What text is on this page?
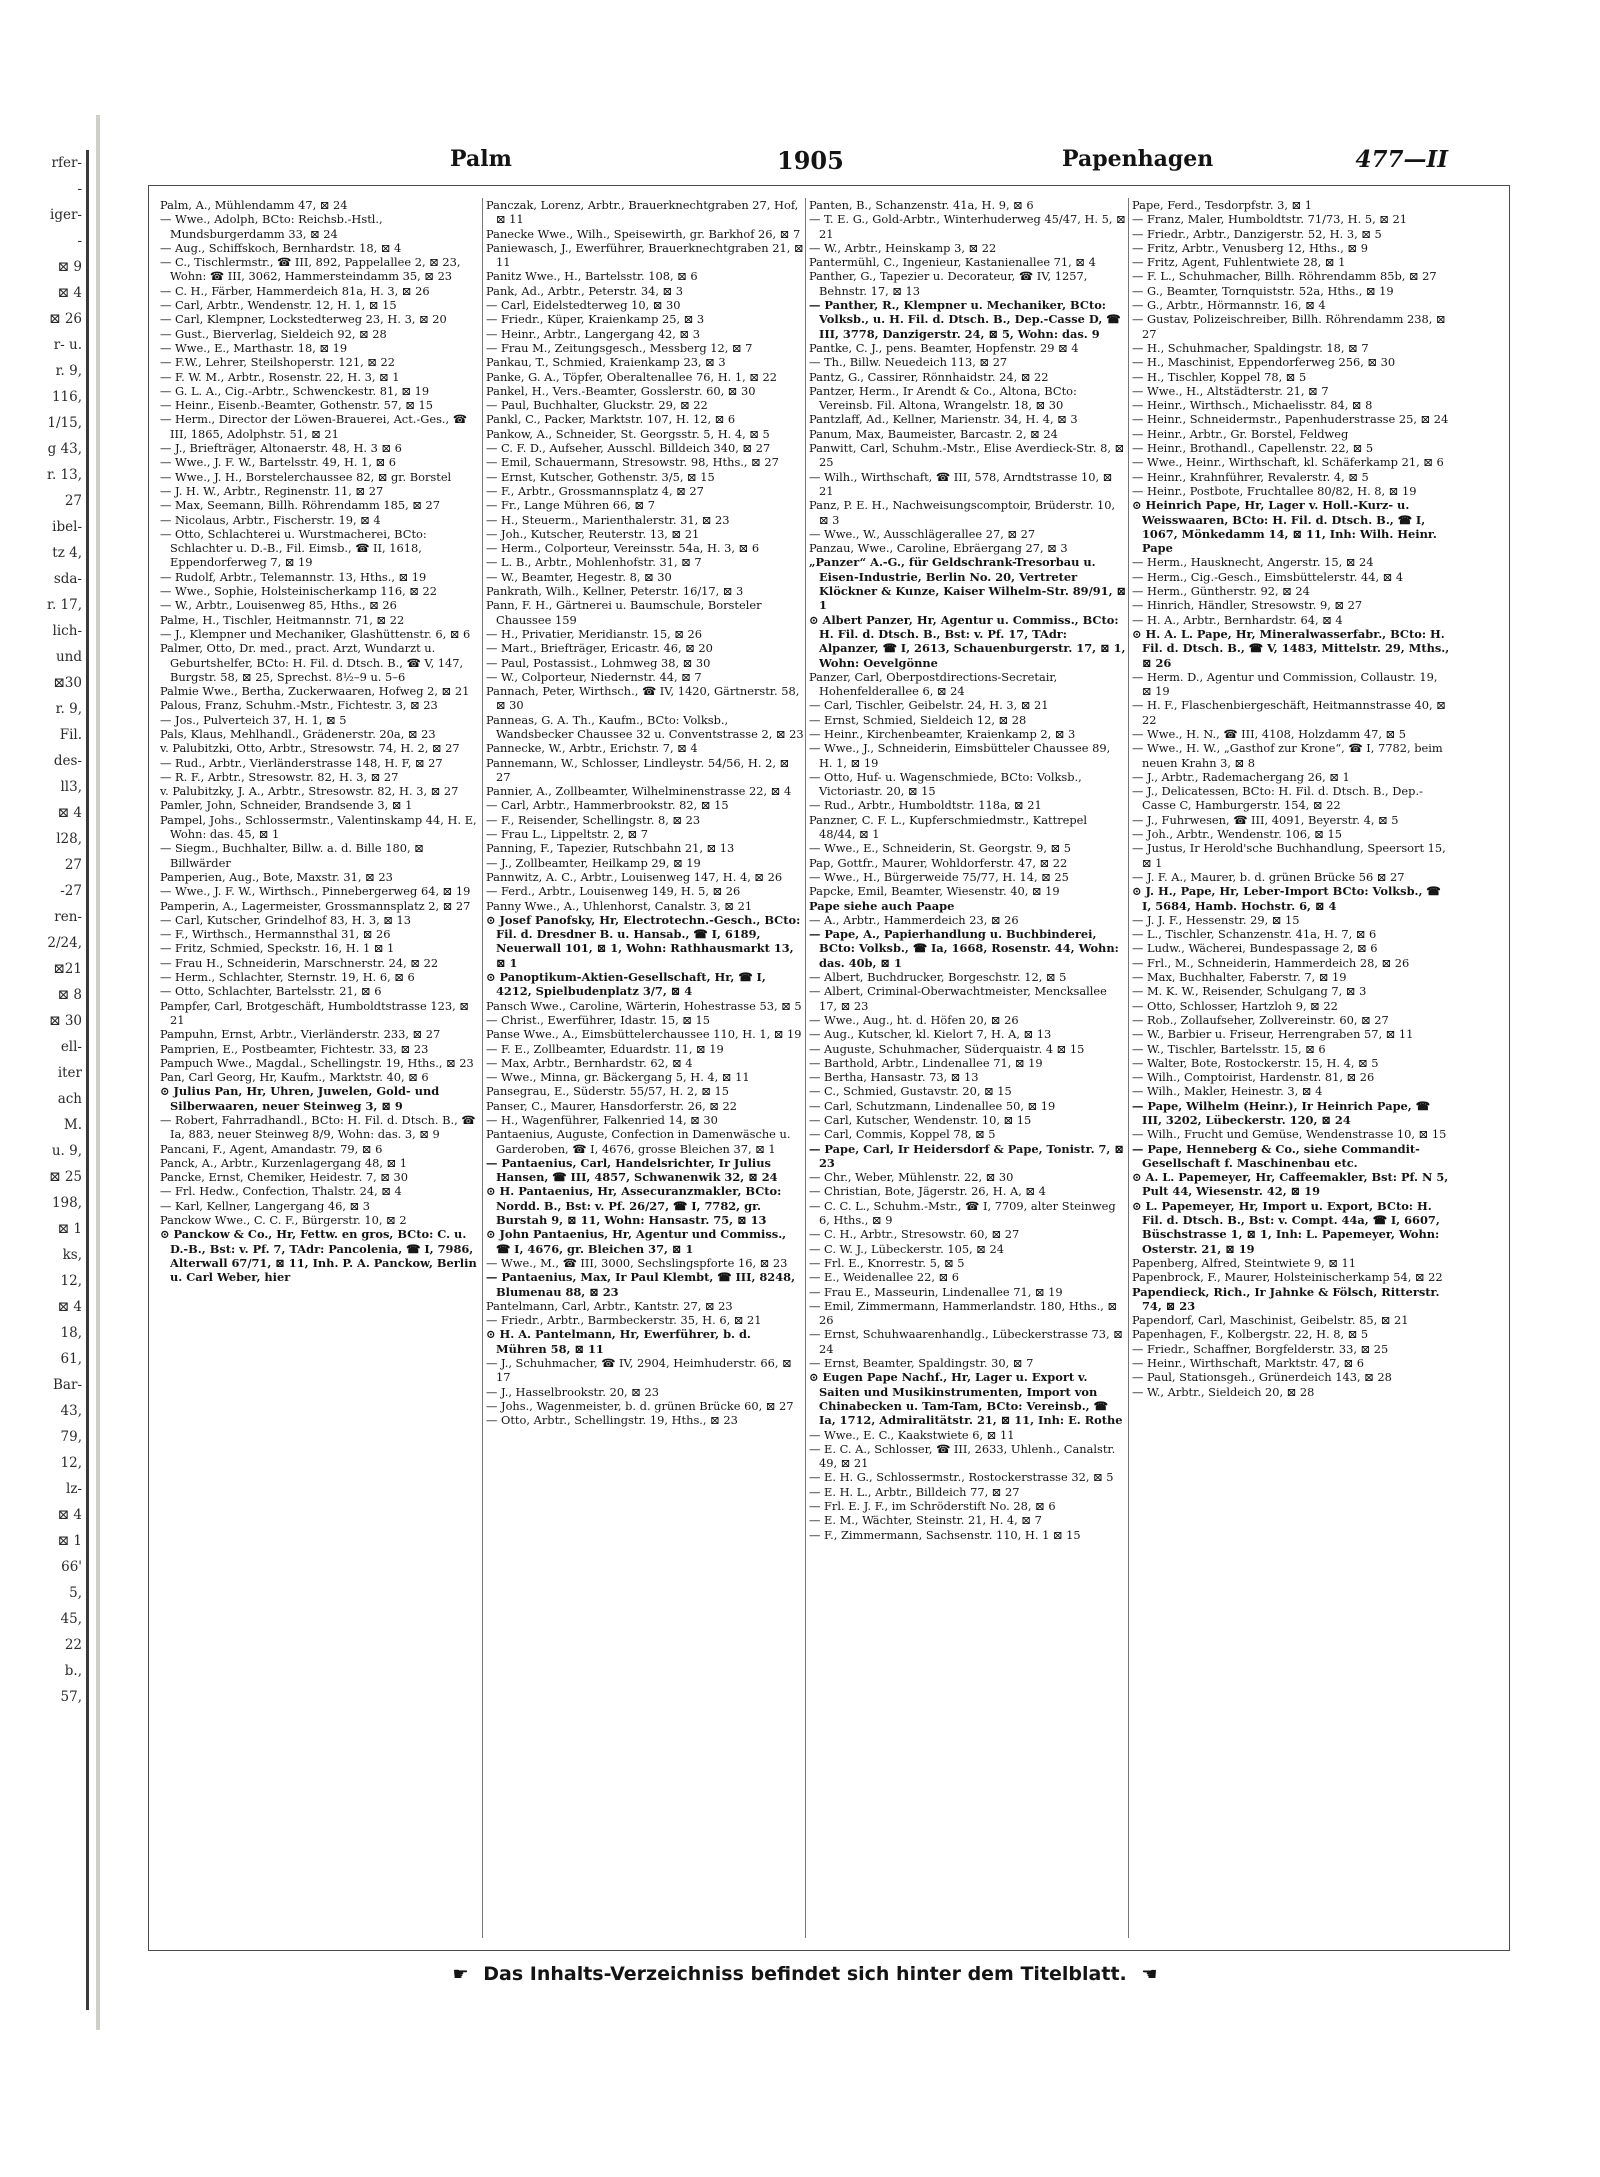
rfer-
-
iger-
-
⊠ 9
⊠ 4
⊠ 26
r- u.
r. 9,
116,
1/15,
g 43,
r. 13,
27
ibel-
tz 4,
sda-
r. 17,
lich-
und
⊠30
r. 9,
Fil.
des-
ll3,
⊠ 4
l28,
27
-27
ren-
2/24,
⊠21
⊠ 8
⊠ 30
ell-
iter
ach
M.
u. 9,
⊠ 25
198,
⊠ 1
ks,
12,
⊠ 4
18,
61,
Bar-
43,
79,
12,
lz-
⊠ 4
⊠ 1
66'
5,
45,
22
b.,
57,
Palm	1905	Papenhagen	477—II

Palm, A., Mühlendamm 47, ⊠ 24

— Wwe., Adolph, BCto: Reichsb.-Hstl., Mundsburgerdamm 33, ⊠ 24

— Aug., Schiffskoch, Bernhardstr. 18, ⊠ 4

— C., Tischlermstr., ☎ III, 892, Pappelallee 2, ⊠ 23, Wohn: ☎ III, 3062, Hammersteindamm 35, ⊠ 23

— C. H., Färber, Hammerdeich 81a, H. 3, ⊠ 26

— Carl, Arbtr., Wendenstr. 12, H. 1, ⊠ 15

— Carl, Klempner, Lockstedterweg 23, H. 3, ⊠ 20

— Gust., Bierverlag, Sieldeich 92, ⊠ 28

— Wwe., E., Marthastr. 18, ⊠ 19

— F.W., Lehrer, Steilshoperstr. 121, ⊠ 22

— F. W. M., Arbtr., Rosenstr. 22, H. 3, ⊠ 1

— G. L. A., Cig.-Arbtr., Schwenckestr. 81, ⊠ 19

— Heinr., Eisenb.-Beamter, Gothenstr. 57, ⊠ 15

— Herm., Director der Löwen-Brauerei, Act.-Ges., ☎ III, 1865, Adolphstr. 51, ⊠ 21

— J., Briefträger, Altonaerstr. 48, H. 3 ⊠ 6

— Wwe., J. F. W., Bartelsstr. 49, H. 1, ⊠ 6

— Wwe., J. H., Borstelerchaussee 82, ⊠ gr. Borstel

— J. H. W., Arbtr., Reginenstr. 11, ⊠ 27

— Max, Seemann, Billh. Röhrendamm 185, ⊠ 27

— Nicolaus, Arbtr., Fischerstr. 19, ⊠ 4

— Otto, Schlachterei u. Wurstmacherei, BCto: Schlachter u. D.-B., Fil. Eimsb., ☎ II, 1618, Eppendorferweg 7, ⊠ 19

— Rudolf, Arbtr., Telemannstr. 13, Hths., ⊠ 19

— Wwe., Sophie, Holsteinischerkamp 116, ⊠ 22

— W., Arbtr., Louisenweg 85, Hths., ⊠ 26

Palme, H., Tischler, Heitmannstr. 71, ⊠ 22

— J., Klempner und Mechaniker, Glashüttenstr. 6, ⊠ 6

Palmer, Otto, Dr. med., pract. Arzt, Wundarzt u. Geburtshelfer, BCto: H. Fil. d. Dtsch. B., ☎ V, 147, Burgstr. 58, ⊠ 25, Sprechst. 8½–9 u. 5–6

Palmie Wwe., Bertha, Zuckerwaaren, Hofweg 2, ⊠ 21

Palous, Franz, Schuhm.-Mstr., Fichtestr. 3, ⊠ 23

— Jos., Pulverteich 37, H. 1, ⊠ 5

Pals, Klaus, Mehlhandl., Grädenerstr. 20a, ⊠ 23

v. Palubitzki, Otto, Arbtr., Stresowstr. 74, H. 2, ⊠ 27

— Rud., Arbtr., Vierländerstrasse 148, H. F, ⊠ 27

— R. F., Arbtr., Stresowstr. 82, H. 3, ⊠ 27

v. Palubitzky, J. A., Arbtr., Stresowstr. 82, H. 3, ⊠ 27

Pamler, John, Schneider, Brandsende 3, ⊠ 1

Pampel, Johs., Schlossermstr., Valentinskamp 44, H. E, Wohn: das. 45, ⊠ 1

— Siegm., Buchhalter, Billw. a. d. Bille 180, ⊠ Billwärder

Pamperien, Aug., Bote, Maxstr. 31, ⊠ 23

— Wwe., J. F. W., Wirthsch., Pinnebergerweg 64, ⊠ 19

Pamperin, A., Lagermeister, Grossmannsplatz 2, ⊠ 27

— Carl, Kutscher, Grindelhof 83, H. 3, ⊠ 13

— F., Wirthsch., Hermannsthal 31, ⊠ 26

— Fritz, Schmied, Speckstr. 16, H. 1 ⊠ 1

— Frau H., Schneiderin, Marschnerstr. 24, ⊠ 22

— Herm., Schlachter, Sternstr. 19, H. 6, ⊠ 6

— Otto, Schlachter, Bartelsstr. 21, ⊠ 6

Pampfer, Carl, Brotgeschäft, Humboldtstrasse 123, ⊠ 21

Pampuhn, Ernst, Arbtr., Vierländerstr. 233, ⊠ 27

Pamprien, E., Postbeamter, Fichtestr. 33, ⊠ 23

Pampuch Wwe., Magdal., Schellingstr. 19, Hths., ⊠ 23

Pan, Carl Georg, Hr, Kaufm., Marktstr. 40, ⊠ 6

⊙ Julius Pan, Hr, Uhren, Juwelen, Gold- und Silberwaaren, neuer Steinweg 3, ⊠ 9

— Robert, Fahrradhandl., BCto: H. Fil. d. Dtsch. B., ☎ Ia, 883, neuer Steinweg 8/9, Wohn: das. 3, ⊠ 9

Pancani, F., Agent, Amandastr. 79, ⊠ 6

Panck, A., Arbtr., Kurzenlagergang 48, ⊠ 1

Pancke, Ernst, Chemiker, Heidestr. 7, ⊠ 30

— Frl. Hedw., Confection, Thalstr. 24, ⊠ 4

— Karl, Kellner, Langergang 46, ⊠ 3

Panckow Wwe., C. C. F., Bürgerstr. 10, ⊠ 2

⊙ Panckow & Co., Hr, Fettw. en gros, BCto: C. u. D.-B., Bst: v. Pf. 7, TAdr: Pancolenia, ☎ I, 7986, Alterwall 67/71, ⊠ 11, Inh. P. A. Panckow, Berlin u. Carl Weber, hier

Panczak, Lorenz, Arbtr., Brauerknechtgraben 27, Hof, ⊠ 11

Panecke Wwe., Wilh., Speisewirth, gr. Barkhof 26, ⊠ 7

Paniewasch, J., Ewerführer, Brauerknechtgraben 21, ⊠ 11

Panitz Wwe., H., Bartelsstr. 108, ⊠ 6

Pank, Ad., Arbtr., Peterstr. 34, ⊠ 3

— Carl, Eidelstedterweg 10, ⊠ 30

— Friedr., Küper, Kraienkamp 25, ⊠ 3

— Heinr., Arbtr., Langergang 42, ⊠ 3

— Frau M., Zeitungsgesch., Messberg 12, ⊠ 7

Pankau, T., Schmied, Kraienkamp 23, ⊠ 3

Panke, G. A., Töpfer, Oberaltenallee 76, H. 1, ⊠ 22

Pankel, H., Vers.-Beamter, Gosslerstr. 60, ⊠ 30

— Paul, Buchhalter, Gluckstr. 29, ⊠ 22

Pankl, C., Packer, Marktstr. 107, H. 12, ⊠ 6

Pankow, A., Schneider, St. Georgsstr. 5, H. 4, ⊠ 5

— C. F. D., Aufseher, Ausschl. Billdeich 340, ⊠ 27

— Emil, Schauermann, Stresowstr. 98, Hths., ⊠ 27

— Ernst, Kutscher, Gothenstr. 3/5, ⊠ 15

— F., Arbtr., Grossmannsplatz 4, ⊠ 27

— Fr., Lange Mühren 66, ⊠ 7

— H., Steuerm., Marienthalerstr. 31, ⊠ 23

— Joh., Kutscher, Reuterstr. 13, ⊠ 21

— Herm., Colporteur, Vereinsstr. 54a, H. 3, ⊠ 6

— L. B., Arbtr., Mohlenhofstr. 31, ⊠ 7

— W., Beamter, Hegestr. 8, ⊠ 30

Pankrath, Wilh., Kellner, Peterstr. 16/17, ⊠ 3

Pann, F. H., Gärtnerei u. Baumschule, Borsteler Chaussee 159

— H., Privatier, Meridianstr. 15, ⊠ 26

— Mart., Briefträger, Ericastr. 46, ⊠ 20

— Paul, Postassist., Lohmweg 38, ⊠ 30

— W., Colporteur, Niedernstr. 44, ⊠ 7

Pannach, Peter, Wirthsch., ☎ IV, 1420, Gärtnerstr. 58, ⊠ 30

Panneas, G. A. Th., Kaufm., BCto: Volksb., Wandsbecker Chaussee 32 u. Conventstrasse 2, ⊠ 23

Pannecke, W., Arbtr., Erichstr. 7, ⊠ 4

Pannemann, W., Schlosser, Lindleystr. 54/56, H. 2, ⊠ 27

Pannier, A., Zollbeamter, Wilhelminenstrasse 22, ⊠ 4

— Carl, Arbtr., Hammerbrookstr. 82, ⊠ 15

— F., Reisender, Schellingstr. 8, ⊠ 23

— Frau L., Lippeltstr. 2, ⊠ 7

Panning, F., Tapezier, Rutschbahn 21, ⊠ 13

— J., Zollbeamter, Heilkamp 29, ⊠ 19

Pannwitz, A. C., Arbtr., Louisenweg 147, H. 4, ⊠ 26

— Ferd., Arbtr., Louisenweg 149, H. 5, ⊠ 26

Panny Wwe., A., Uhlenhorst, Canalstr. 3, ⊠ 21

⊙ Josef Panofsky, Hr, Electrotechn.-Gesch., BCto: Fil. d. Dresdner B. u. Hansab., ☎ I, 6189, Neuerwall 101, ⊠ 1, Wohn: Rathhausmarkt 13, ⊠ 1

⊙ Panoptikum-Aktien-Gesellschaft, Hr, ☎ I, 4212, Spielbudenplatz 3/7, ⊠ 4

Pansch Wwe., Caroline, Wärterin, Hohestrasse 53, ⊠ 5

— Christ., Ewerführer, Idastr. 15, ⊠ 15

Panse Wwe., A., Eimsbüttelerchaussee 110, H. 1, ⊠ 19

— F. E., Zollbeamter, Eduardstr. 11, ⊠ 19

— Max, Arbtr., Bernhardstr. 62, ⊠ 4

— Wwe., Minna, gr. Bäckergang 5, H. 4, ⊠ 11

Pansegrau, E., Süderstr. 55/57, H. 2, ⊠ 15

Panser, C., Maurer, Hansdorferstr. 26, ⊠ 22

— H., Wagenführer, Falkenried 14, ⊠ 30

Pantaenius, Auguste, Confection in Damenwäsche u. Garderoben, ☎ I, 4676, grosse Bleichen 37, ⊠ 1

— Pantaenius, Carl, Handelsrichter, Ir Julius Hansen, ☎ III, 4857, Schwanenwik 32, ⊠ 24

⊙ H. Pantaenius, Hr, Assecuranzmakler, BCto: Nordd. B., Bst: v. Pf. 26/27, ☎ I, 7782, gr. Burstah 9, ⊠ 11, Wohn: Hansastr. 75, ⊠ 13

⊙ John Pantaenius, Hr, Agentur und Commiss., ☎ I, 4676, gr. Bleichen 37, ⊠ 1

— Wwe., M., ☎ III, 3000, Sechslingspforte 16, ⊠ 23

— Pantaenius, Max, Ir Paul Klembt, ☎ III, 8248, Blumenau 88, ⊠ 23

Pantelmann, Carl, Arbtr., Kantstr. 27, ⊠ 23

— Friedr., Arbtr., Barmbeckerstr. 35, H. 6, ⊠ 21

⊙ H. A. Pantelmann, Hr, Ewerführer, b. d. Mühren 58, ⊠ 11

— J., Schuhmacher, ☎ IV, 2904, Heimhuderstr. 66, ⊠ 17

— J., Hasselbrookstr. 20, ⊠ 23

— Johs., Wagenmeister, b. d. grünen Brücke 60, ⊠ 27

— Otto, Arbtr., Schellingstr. 19, Hths., ⊠ 23

Panten, B., Schanzenstr. 41a, H. 9, ⊠ 6

— T. E. G., Gold-Arbtr., Winterhuderweg 45/47, H. 5, ⊠ 21

— W., Arbtr., Heinskamp 3, ⊠ 22

Pantermühl, C., Ingenieur, Kastanienallee 71, ⊠ 4

Panther, G., Tapezier u. Decorateur, ☎ IV, 1257, Behnstr. 17, ⊠ 13

— Panther, R., Klempner u. Mechaniker, BCto: Volksb., u. H. Fil. d. Dtsch. B., Dep.-Casse D, ☎ III, 3778, Danzigerstr. 24, ⊠ 5, Wohn: das. 9

Pantke, C. J., pens. Beamter, Hopfenstr. 29 ⊠ 4

— Th., Billw. Neuedeich 113, ⊠ 27

Pantz, G., Cassirer, Rönnhaidstr. 24, ⊠ 22

Pantzer, Herm., Ir Arendt & Co., Altona, BCto: Vereinsb. Fil. Altona, Wrangelstr. 18, ⊠ 30

Pantzlaff, Ad., Kellner, Marienstr. 34, H. 4, ⊠ 3

Panum, Max, Baumeister, Barcastr. 2, ⊠ 24

Panwitt, Carl, Schuhm.-Mstr., Elise Averdieck-Str. 8, ⊠ 25

— Wilh., Wirthschaft, ☎ III, 578, Arndtstrasse 10, ⊠ 21

Panz, P. E. H., Nachweisungscomptoir, Brüderstr. 10, ⊠ 3

— Wwe., W., Ausschlägerallee 27, ⊠ 27

Panzau, Wwe., Caroline, Ebräergang 27, ⊠ 3

„Panzer“ A.-G., für Geldschrank-Tresorbau u. Eisen-Industrie, Berlin No. 20, Vertreter Klöckner & Kunze, Kaiser Wilhelm-Str. 89/91, ⊠ 1

⊙ Albert Panzer, Hr, Agentur u. Commiss., BCto: H. Fil. d. Dtsch. B., Bst: v. Pf. 17, TAdr: Alpanzer, ☎ I, 2613, Schauenburgerstr. 17, ⊠ 1, Wohn: Oevelgönne

Panzer, Carl, Oberpostdirections-Secretair, Hohenfelderallee 6, ⊠ 24

— Carl, Tischler, Geibelstr. 24, H. 3, ⊠ 21

— Ernst, Schmied, Sieldeich 12, ⊠ 28

— Heinr., Kirchenbeamter, Kraienkamp 2, ⊠ 3

— Wwe., J., Schneiderin, Eimsbütteler Chaussee 89, H. 1, ⊠ 19

— Otto, Huf- u. Wagenschmiede, BCto: Volksb., Victoriastr. 20, ⊠ 15

— Rud., Arbtr., Humboldtstr. 118a, ⊠ 21

Panzner, C. F. L., Kupferschmiedmstr., Kattrepel 48/44, ⊠ 1

— Wwe., E., Schneiderin, St. Georgstr. 9, ⊠ 5

Pap, Gottfr., Maurer, Wohldorferstr. 47, ⊠ 22

— Wwe., H., Bürgerweide 75/77, H. 14, ⊠ 25

Papcke, Emil, Beamter, Wiesenstr. 40, ⊠ 19

Pape siehe auch Paape

— A., Arbtr., Hammerdeich 23, ⊠ 26

— Pape, A., Papierhandlung u. Buchbinderei, BCto: Volksb., ☎ Ia, 1668, Rosenstr. 44, Wohn: das. 40b, ⊠ 1

— Albert, Buchdrucker, Borgeschstr. 12, ⊠ 5

— Albert, Criminal-Oberwachtmeister, Mencksallee 17, ⊠ 23

— Wwe., Aug., ht. d. Höfen 20, ⊠ 26

— Aug., Kutscher, kl. Kielort 7, H. A, ⊠ 13

— Auguste, Schuhmacher, Süderquaistr. 4 ⊠ 15

— Barthold, Arbtr., Lindenallee 71, ⊠ 19

— Bertha, Hansastr. 73, ⊠ 13

— C., Schmied, Gustavstr. 20, ⊠ 15

— Carl, Schutzmann, Lindenallee 50, ⊠ 19

— Carl, Kutscher, Wendenstr. 10, ⊠ 15

— Carl, Commis, Koppel 78, ⊠ 5

— Pape, Carl, Ir Heidersdorf & Pape, Tonistr. 7, ⊠ 23

— Chr., Weber, Mühlenstr. 22, ⊠ 30

— Christian, Bote, Jägerstr. 26, H. A, ⊠ 4

— C. C. L., Schuhm.-Mstr., ☎ I, 7709, alter Steinweg 6, Hths., ⊠ 9

— C. H., Arbtr., Stresowstr. 60, ⊠ 27

— C. W. J., Lübeckerstr. 105, ⊠ 24

— Frl. E., Knorrestr. 5, ⊠ 5

— E., Weidenallee 22, ⊠ 6

— Frau E., Masseurin, Lindenallee 71, ⊠ 19

— Emil, Zimmermann, Hammerlandstr. 180, Hths., ⊠ 26

— Ernst, Schuhwaarenhandlg., Lübeckerstrasse 73, ⊠ 24

— Ernst, Beamter, Spaldingstr. 30, ⊠ 7

⊙ Eugen Pape Nachf., Hr, Lager u. Export v. Saiten und Musikinstrumenten, Import von Chinabecken u. Tam-Tam, BCto: Vereinsb., ☎ Ia, 1712, Admiralitätstr. 21, ⊠ 11, Inh: E. Rothe

— Wwe., E. C., Kaakstwiete 6, ⊠ 11

— E. C. A., Schlosser, ☎ III, 2633, Uhlenh., Canalstr. 49, ⊠ 21

— E. H. G., Schlossermstr., Rostockerstrasse 32, ⊠ 5

— E. H. L., Arbtr., Billdeich 77, ⊠ 27

— Frl. E. J. F., im Schröderstift No. 28, ⊠ 6

— E. M., Wächter, Steinstr. 21, H. 4, ⊠ 7

— F., Zimmermann, Sachsenstr. 110, H. 1 ⊠ 15

Pape, Ferd., Tesdorpfstr. 3, ⊠ 1

— Franz, Maler, Humboldtstr. 71/73, H. 5, ⊠ 21

— Friedr., Arbtr., Danzigerstr. 52, H. 3, ⊠ 5

— Fritz, Arbtr., Venusberg 12, Hths., ⊠ 9

— Fritz, Agent, Fuhlentwiete 28, ⊠ 1

— F. L., Schuhmacher, Billh. Röhrendamm 85b, ⊠ 27

— G., Beamter, Tornquiststr. 52a, Hths., ⊠ 19

— G., Arbtr., Hörmannstr. 16, ⊠ 4

— Gustav, Polizeischreiber, Billh. Röhrendamm 238, ⊠ 27

— H., Schuhmacher, Spaldingstr. 18, ⊠ 7

— H., Maschinist, Eppendorferweg 256, ⊠ 30

— H., Tischler, Koppel 78, ⊠ 5

— Wwe., H., Altstädterstr. 21, ⊠ 7

— Heinr., Wirthsch., Michaelisstr. 84, ⊠ 8

— Heinr., Schneidermstr., Papenhuderstrasse 25, ⊠ 24

— Heinr., Arbtr., Gr. Borstel, Feldweg

— Heinr., Brothandl., Capellenstr. 22, ⊠ 5

— Wwe., Heinr., Wirthschaft, kl. Schäferkamp 21, ⊠ 6

— Heinr., Krahnführer, Revalerstr. 4, ⊠ 5

— Heinr., Postbote, Fruchtallee 80/82, H. 8, ⊠ 19

⊙ Heinrich Pape, Hr, Lager v. Holl.-Kurz- u. Weisswaaren, BCto: H. Fil. d. Dtsch. B., ☎ I, 1067, Mönkedamm 14, ⊠ 11, Inh: Wilh. Heinr. Pape

— Herm., Hausknecht, Angerstr. 15, ⊠ 24

— Herm., Cig.-Gesch., Eimsbüttelerstr. 44, ⊠ 4

— Herm., Güntherstr. 92, ⊠ 24

— Hinrich, Händler, Stresowstr. 9, ⊠ 27

— H. A., Arbtr., Bernhardstr. 64, ⊠ 4

⊙ H. A. L. Pape, Hr, Mineralwasserfabr., BCto: H. Fil. d. Dtsch. B., ☎ V, 1483, Mittelstr. 29, Mths., ⊠ 26

— Herm. D., Agentur und Commission, Collaustr. 19, ⊠ 19

— H. F., Flaschenbiergeschäft, Heitmannstrasse 40, ⊠ 22

— Wwe., H. N., ☎ III, 4108, Holzdamm 47, ⊠ 5

— Wwe., H. W., „Gasthof zur Krone“, ☎ I, 7782, beim neuen Krahn 3, ⊠ 8

— J., Arbtr., Rademachergang 26, ⊠ 1

— J., Delicatessen, BCto: H. Fil. d. Dtsch. B., Dep.-Casse C, Hamburgerstr. 154, ⊠ 22

— J., Fuhrwesen, ☎ III, 4091, Beyerstr. 4, ⊠ 5

— Joh., Arbtr., Wendenstr. 106, ⊠ 15

— Justus, Ir Herold'sche Buchhandlung, Speersort 15, ⊠ 1

— J. F. A., Maurer, b. d. grünen Brücke 56 ⊠ 27

⊙ J. H., Pape, Hr, Leber-Import BCto: Volksb., ☎ I, 5684, Hamb. Hochstr. 6, ⊠ 4

— J. J. F., Hessenstr. 29, ⊠ 15

— L., Tischler, Schanzenstr. 41a, H. 7, ⊠ 6

— Ludw., Wächerei, Bundespassage 2, ⊠ 6

— Frl., M., Schneiderin, Hammerdeich 28, ⊠ 26

— Max, Buchhalter, Faberstr. 7, ⊠ 19

— M. K. W., Reisender, Schulgang 7, ⊠ 3

— Otto, Schlosser, Hartzloh 9, ⊠ 22

— Rob., Zollaufseher, Zollvereinstr. 60, ⊠ 27

— W., Barbier u. Friseur, Herrengraben 57, ⊠ 11

— W., Tischler, Bartelsstr. 15, ⊠ 6

— Walter, Bote, Rostockerstr. 15, H. 4, ⊠ 5

— Wilh., Comptoirist, Hardenstr. 81, ⊠ 26

— Wilh., Makler, Heinestr. 3, ⊠ 4

— Pape, Wilhelm (Heinr.), Ir Heinrich Pape, ☎ III, 3202, Lübeckerstr. 120, ⊠ 24

— Wilh., Frucht und Gemüse, Wendenstrasse 10, ⊠ 15

— Pape, Henneberg & Co., siehe Commandit-Gesellschaft f. Maschinenbau etc.

⊙ A. L. Papemeyer, Hr, Caffeemakler, Bst: Pf. N 5, Pult 44, Wiesenstr. 42, ⊠ 19

⊙ L. Papemeyer, Hr, Import u. Export, BCto: H. Fil. d. Dtsch. B., Bst: v. Compt. 44a, ☎ I, 6607, Büschstrasse 1, ⊠ 1, Inh: L. Papemeyer, Wohn: Osterstr. 21, ⊠ 19

Papenberg, Alfred, Steintwiete 9, ⊠ 11

Papenbrock, F., Maurer, Holsteinischerkamp 54, ⊠ 22

Papendieck, Rich., Ir Jahnke & Fölsch, Ritterstr. 74, ⊠ 23

Papendorf, Carl, Maschinist, Geibelstr. 85, ⊠ 21

Papenhagen, F., Kolbergstr. 22, H. 8, ⊠ 5

— Friedr., Schaffner, Borgfelderstr. 33, ⊠ 25

— Heinr., Wirthschaft, Marktstr. 47, ⊠ 6

— Paul, Stationsgeh., Grünerdeich 143, ⊠ 28

— W., Arbtr., Sieldeich 20, ⊠ 28

☛ Das Inhalts-Verzeichniss befindet sich hinter dem Titelblatt. ☚
